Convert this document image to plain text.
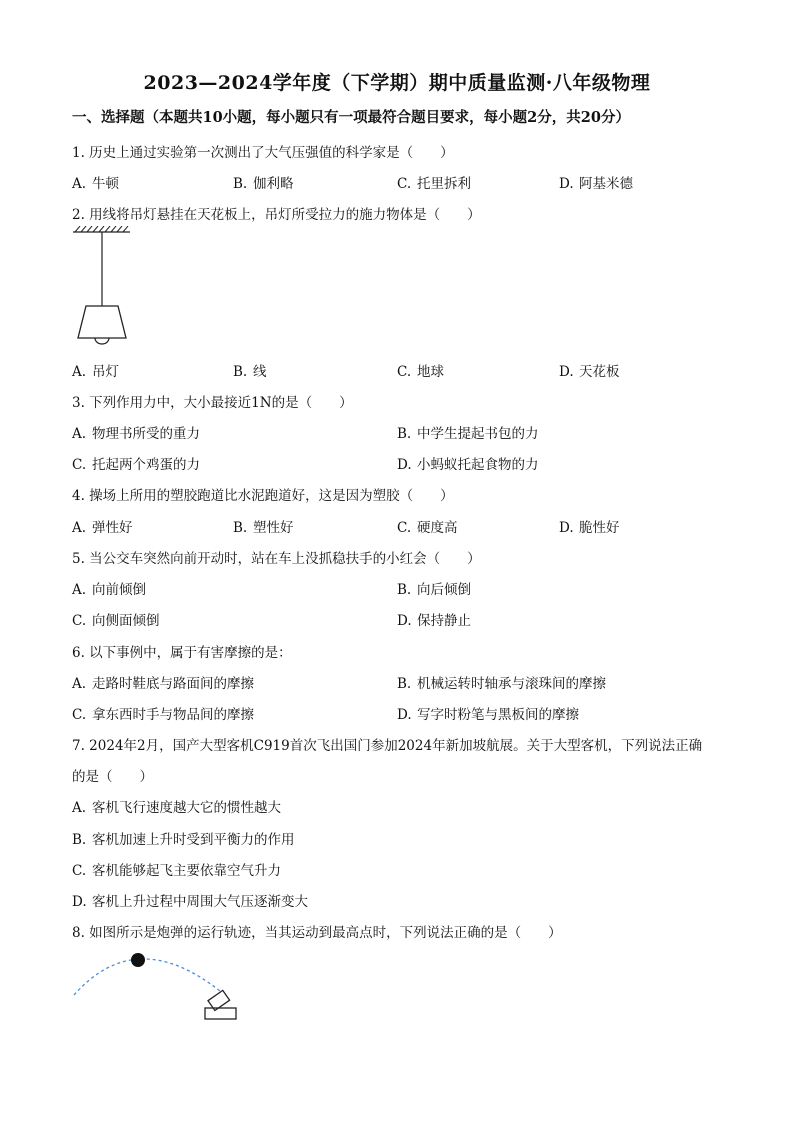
2023—2024学年度（下学期）期中质量监测·八年级物理
一、选择题（本题共10小题，每小题只有一项最符合题目要求，每小题2分，共20分）
1. 历史上通过实验第一次测出了大气压强值的科学家是（　　）
A. 牛顿	B. 伽利略	C. 托里拆利	D. 阿基米德
2. 用线将吊灯悬挂在天花板上，吊灯所受拉力的施力物体是（　　）
A. 吊灯	B. 线	C. 地球	D. 天花板
3. 下列作用力中，大小最接近1N的是（　　）
A. 物理书所受的重力	B. 中学生提起书包的力
C. 托起两个鸡蛋的力	D. 小蚂蚁托起食物的力
4. 操场上所用的塑胶跑道比水泥跑道好，这是因为塑胶（　　）
A. 弹性好	B. 塑性好	C. 硬度高	D. 脆性好
5. 当公交车突然向前开动时，站在车上没抓稳扶手的小红会（　　）
A. 向前倾倒	B. 向后倾倒
C. 向侧面倾倒	D. 保持静止
6. 以下事例中，属于有害摩擦的是：
A. 走路时鞋底与路面间的摩擦	B. 机械运转时轴承与滚珠间的摩擦
C. 拿东西时手与物品间的摩擦	D. 写字时粉笔与黑板间的摩擦
7. 2024年2月，国产大型客机C919首次飞出国门参加2024年新加坡航展。关于大型客机，下列说法正确
的是（　　）
A. 客机飞行速度越大它的惯性越大
B. 客机加速上升时受到平衡力的作用
C. 客机能够起飞主要依靠空气升力
D. 客机上升过程中周围大气压逐渐变大
8. 如图所示是炮弹的运行轨迹，当其运动到最高点时，下列说法正确的是（　　）
